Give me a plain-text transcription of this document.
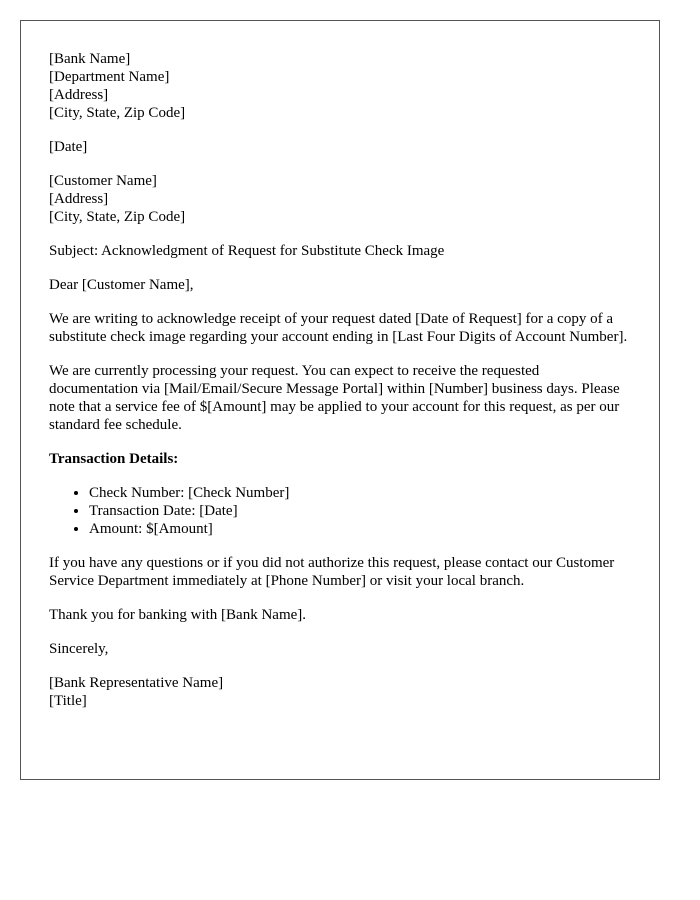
[Bank Name]
[Department Name]
[Address]
[City, State, Zip Code]
[Date]
[Customer Name]
[Address]
[City, State, Zip Code]

Subject: Acknowledgment of Request for Substitute Check Image

Dear [Customer Name],

We are writing to acknowledge receipt of your request dated [Date of Request] for a copy of a substitute check image regarding your account ending in [Last Four Digits of Account Number].

We are currently processing your request. You can expect to receive the requested documentation via [Mail/Email/Secure Message Portal] within [Number] business days. Please note that a service fee of $[Amount] may be applied to your account for this request, as per our standard fee schedule.

Transaction Details:
• Check Number: [Check Number]
• Transaction Date: [Date]
• Amount: $[Amount]

If you have any questions or if you did not authorize this request, please contact our Customer Service Department immediately at [Phone Number] or visit your local branch.

Thank you for banking with [Bank Name].

Sincerely,

[Bank Representative Name]
[Title]
